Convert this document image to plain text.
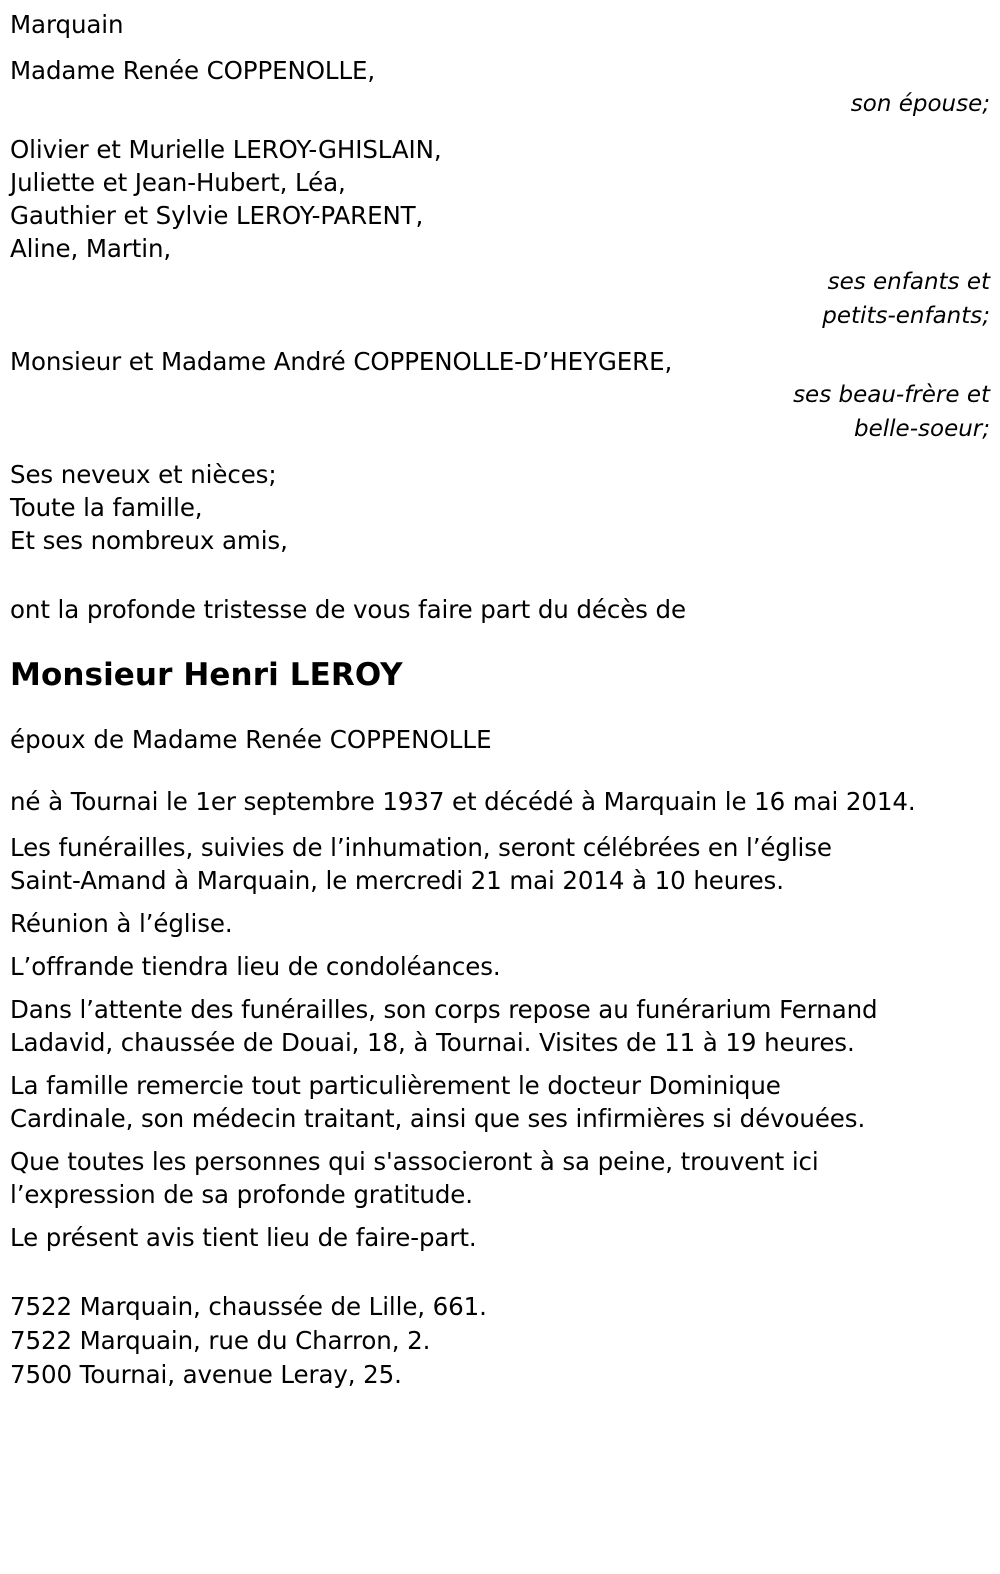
Marquain
Madame Renée COPPENOLLE,
son épouse;
Olivier et Murielle LEROY-GHISLAIN,
Juliette et Jean-Hubert, Léa,
Gauthier et Sylvie LEROY-PARENT,
Aline, Martin,
ses enfants et
petits-enfants;
Monsieur et Madame André COPPENOLLE-D’HEYGERE,
ses beau-frère et
belle-soeur;
Ses neveux et nièces;
Toute la famille,
Et ses nombreux amis,
ont la profonde tristesse de vous faire part du décès de
Monsieur Henri LEROY
époux de Madame Renée COPPENOLLE
né à Tournai le 1er septembre 1937 et décédé à Marquain le 16 mai 2014.
Les funérailles, suivies de l’inhumation, seront célébrées en l’église
Saint-Amand à Marquain, le mercredi 21 mai 2014 à 10 heures.
Réunion à l’église.
L’offrande tiendra lieu de condoléances.
Dans l’attente des funérailles, son corps repose au funérarium Fernand
Ladavid, chaussée de Douai, 18, à Tournai. Visites de 11 à 19 heures.
La famille remercie tout particulièrement le docteur Dominique
Cardinale, son médecin traitant, ainsi que ses infirmières si dévouées.
Que toutes les personnes qui s'associeront à sa peine, trouvent ici
l’expression de sa profonde gratitude.
Le présent avis tient lieu de faire-part.
7522 Marquain, chaussée de Lille, 661.
7522 Marquain, rue du Charron, 2.
7500 Tournai, avenue Leray, 25.
